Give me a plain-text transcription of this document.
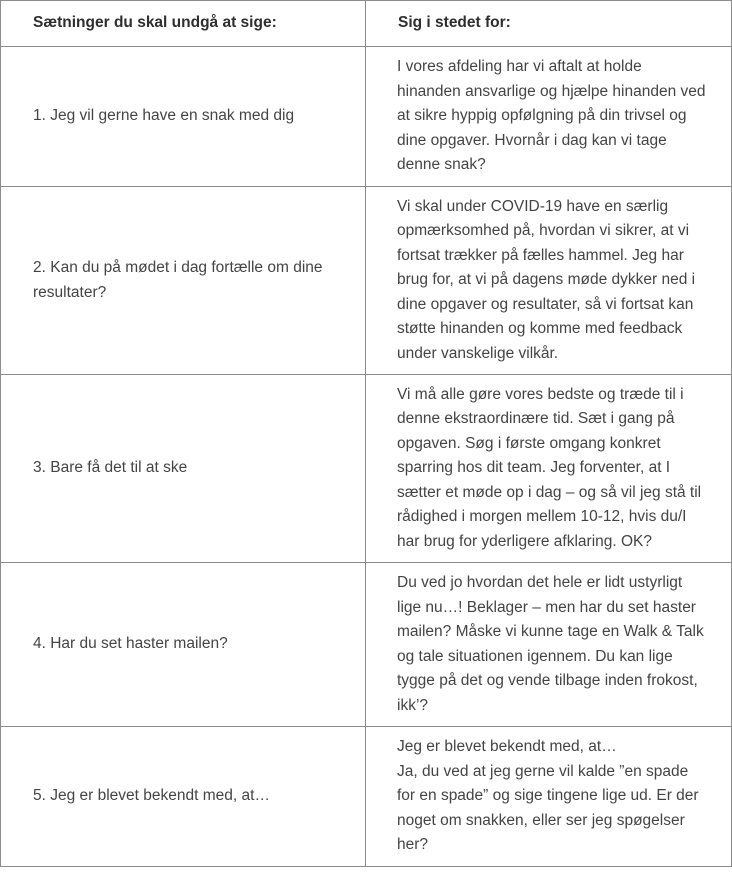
Sætninger du skal undgå at sige:	Sig i stedet for:
1. Jeg vil gerne have en snak med dig	I vores afdeling har vi aftalt at holde hinanden ansvarlige og hjælpe hinanden ved at sikre hyppig opfølgning på din trivsel og dine opgaver. Hvornår i dag kan vi tage denne snak?
2. Kan du på mødet i dag fortælle om dine resultater?	Vi skal under COVID-19 have en særlig opmærksomhed på, hvordan vi sikrer, at vi fortsat trækker på fælles hammel. Jeg har brug for, at vi på dagens møde dykker ned i dine opgaver og resultater, så vi fortsat kan støtte hinanden og komme med feedback under vanskelige vilkår.
3. Bare få det til at ske	Vi må alle gøre vores bedste og træde til i denne ekstraordinære tid. Sæt i gang på opgaven. Søg i første omgang konkret sparring hos dit team. Jeg forventer, at I sætter et møde op i dag – og så vil jeg stå til rådighed i morgen mellem 10-12, hvis du/I har brug for yderligere afklaring. OK?
4. Har du set haster mailen?	Du ved jo hvordan det hele er lidt ustyrligt lige nu…! Beklager – men har du set haster mailen? Måske vi kunne tage en Walk & Talk og tale situationen igennem. Du kan lige tygge på det og vende tilbage inden frokost, ikk’?
5. Jeg er blevet bekendt med, at…	Jeg er blevet bekendt med, at…
Ja, du ved at jeg gerne vil kalde ”en spade for en spade” og sige tingene lige ud. Er der noget om snakken, eller ser jeg spøgelser her?
